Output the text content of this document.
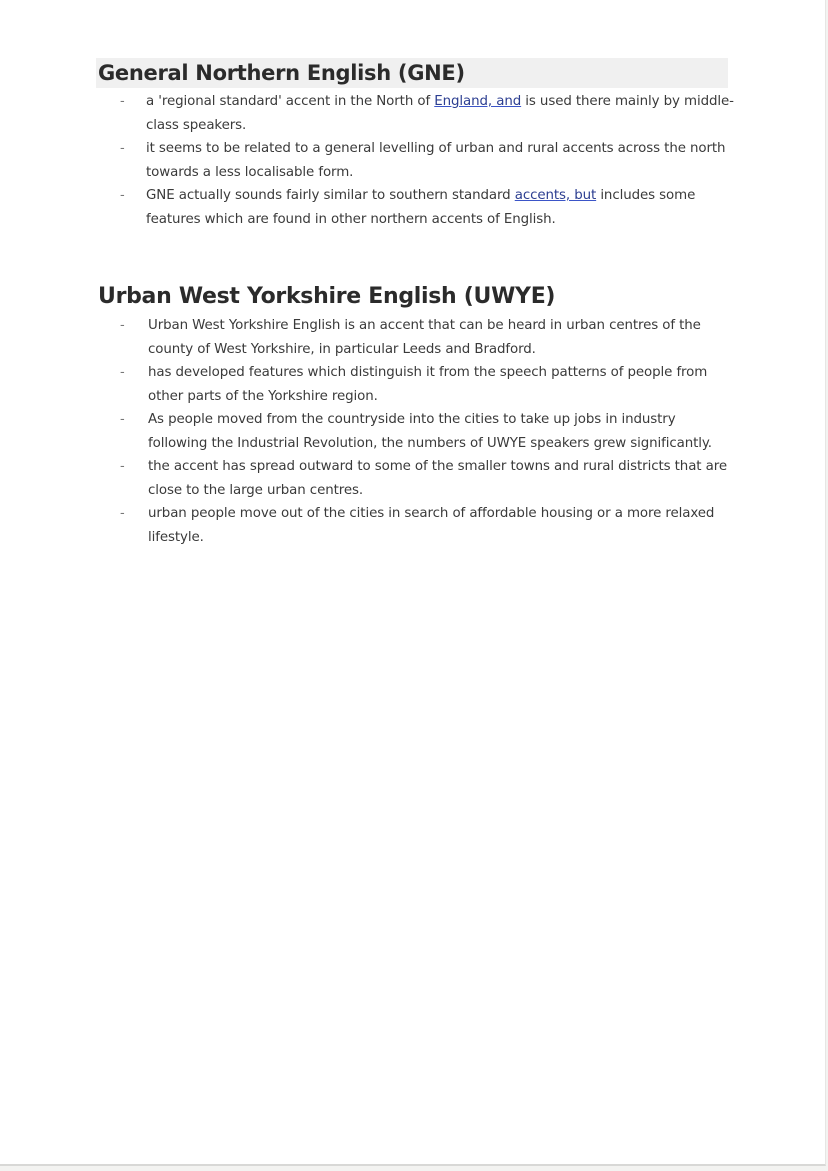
General Northern English (GNE)
- a 'regional standard' accent in the North of England, and is used there mainly by middle-class speakers.
- it seems to be related to a general levelling of urban and rural accents across the north towards a less localisable form.
- GNE actually sounds fairly similar to southern standard accents, but includes some features which are found in other northern accents of English.
Urban West Yorkshire English (UWYE)
- Urban West Yorkshire English is an accent that can be heard in urban centres of the county of West Yorkshire, in particular Leeds and Bradford.
- has developed features which distinguish it from the speech patterns of people from other parts of the Yorkshire region.
- As people moved from the countryside into the cities to take up jobs in industry following the Industrial Revolution, the numbers of UWYE speakers grew significantly.
- the accent has spread outward to some of the smaller towns and rural districts that are close to the large urban centres.
- urban people move out of the cities in search of affordable housing or a more relaxed lifestyle.
